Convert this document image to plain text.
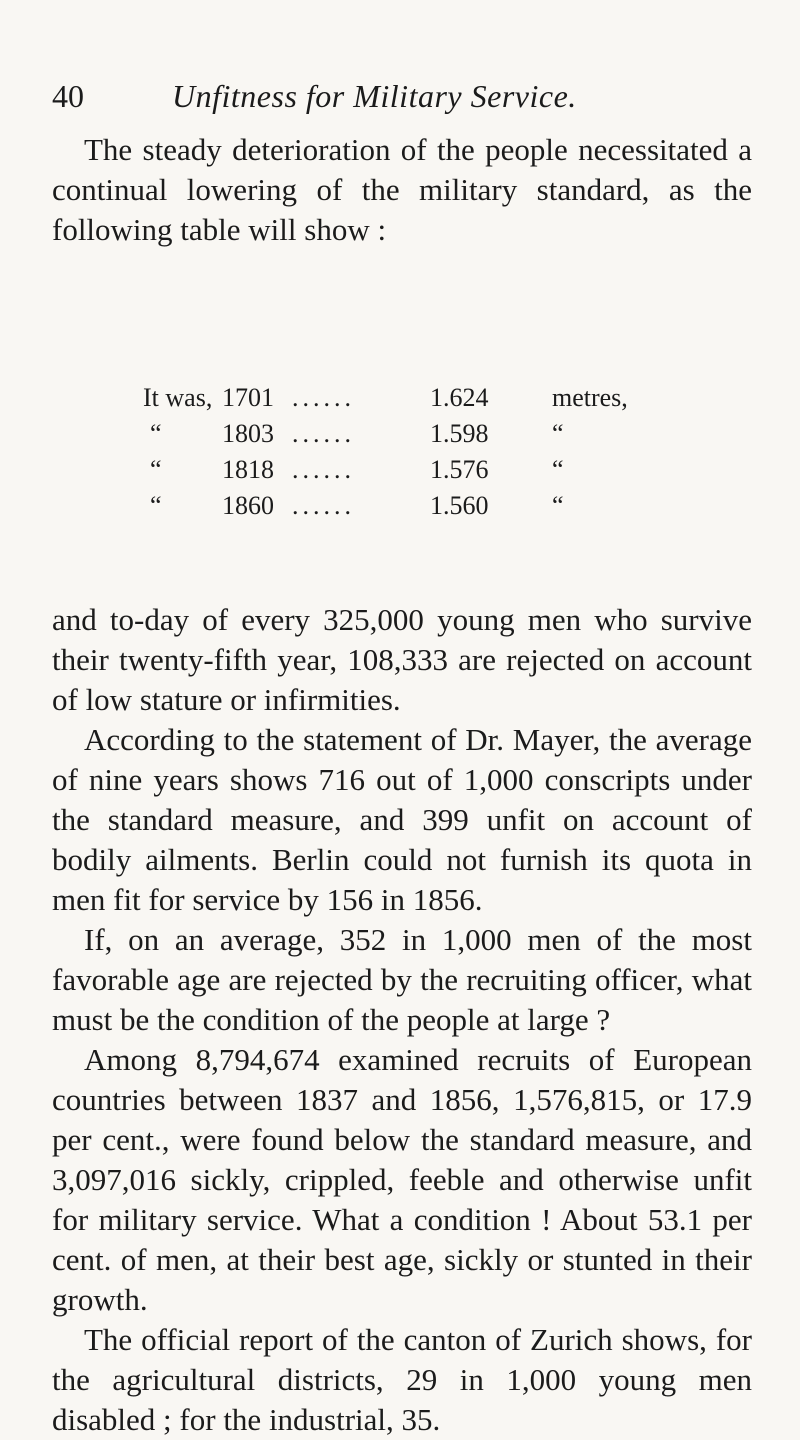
40	Unfitness for Military Service.

The steady deterioration of the people necessitated a continual lowering of the military standard, as the following table will show :

It was, 1701 ......	1.624	metres,
“	1803 ......	1.598	“
“	1818 ......	1.576	“
“	1860 ......	1.560	“

and to-day of every 325,000 young men who survive their twenty-fifth year, 108,333 are rejected on account of low stature or infirmities.

According to the statement of Dr. Mayer, the average of nine years shows 716 out of 1,000 conscripts under the standard measure, and 399 unfit on account of bodily ailments. Berlin could not furnish its quota in men fit for service by 156 in 1856.

If, on an average, 352 in 1,000 men of the most favorable age are rejected by the recruiting officer, what must be the condition of the people at large ?

Among 8,794,674 examined recruits of European countries between 1837 and 1856, 1,576,815, or 17.9 per cent., were found below the standard measure, and 3,097,016 sickly, crippled, feeble and otherwise unfit for military service. What a condition ! About 53.1 per cent. of men, at their best age, sickly or stunted in their growth.

The official report of the canton of Zurich shows, for the agricultural districts, 29 in 1,000 young men disabled ; for the industrial, 35.
